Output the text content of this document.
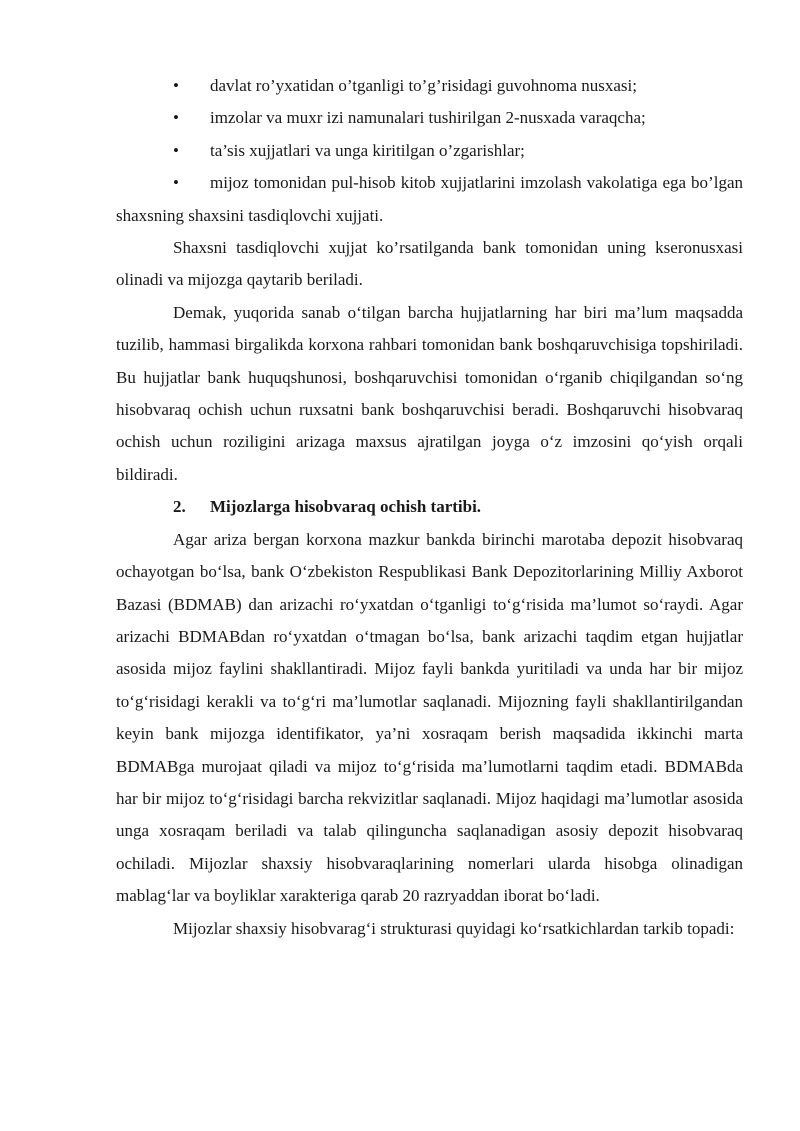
•	davlat ro’yxatidan o’tganligi to’g’risidagi guvohnoma nusxasi;
•	imzolar va muxr izi namunalari tushirilgan 2-nusxada varaqcha;
•	ta’sis xujjatlari va unga kiritilgan o’zgarishlar;
•	mijoz tomonidan pul-hisob kitob xujjatlarini imzolash vakolatiga ega bo’lgan shaxsning shaxsini tasdiqlovchi xujjati.

Shaxsni tasdiqlovchi xujjat ko’rsatilganda bank tomonidan uning kseronusxasi olinadi va mijozga qaytarib beriladi.

Demak, yuqorida sanab o‘tilgan barcha hujjatlarning har biri ma’lum maqsadda tuzilib, hammasi birgalikda korxona rahbari tomonidan bank boshqaruvchisiga topshiriladi. Bu hujjatlar bank huquqshunosi, boshqaruvchisi tomonidan o‘rganib chiqilgandan so‘ng hisobvaraq ochish uchun ruxsatni bank boshqaruvchisi beradi. Boshqaruvchi hisobvaraq ochish uchun roziligini arizaga maxsus ajratilgan joyga o‘z imzosini qo‘yish orqali bildiradi.

2. Mijozlarga hisobvaraq ochish tartibi.

Agar ariza bergan korxona mazkur bankda birinchi marotaba depozit hisobvaraq ochayotgan bo‘lsa, bank O‘zbekiston Respublikasi Bank Depozitorlarining Milliy Axborot Bazasi (BDMAB) dan arizachi ro‘yxatdan o‘tganligi to‘g‘risida ma’lumot so‘raydi. Agar arizachi BDMABdan ro‘yxatdan o‘tmagan bo‘lsa, bank arizachi taqdim etgan hujjatlar asosida mijoz faylini shakllantiradi. Mijoz fayli bankda yuritiladi va unda har bir mijoz to‘g‘risidagi kerakli va to‘g‘ri ma’lumotlar saqlanadi. Mijozning fayli shakllantirilgandan keyin bank mijozga identifikator, ya’ni xosraqam berish maqsadida ikkinchi marta BDMABga murojaat qiladi va mijoz to‘g‘risida ma’lumotlarni taqdim etadi. BDMABda har bir mijoz to‘g‘risidagi barcha rekvizitlar saqlanadi. Mijoz haqidagi ma’lumotlar asosida unga xosraqam beriladi va talab qilinguncha saqlanadigan asosiy depozit hisobvaraq ochiladi. Mijozlar shaxsiy hisobvaraqlarining nomerlari ularda hisobga olinadigan mablag‘lar va boyliklar xarakteriga qarab 20 razryaddan iborat bo‘ladi.

Mijozlar shaxsiy hisobvarag‘i strukturasi quyidagi ko‘rsatkichlardan tarkib topadi:
